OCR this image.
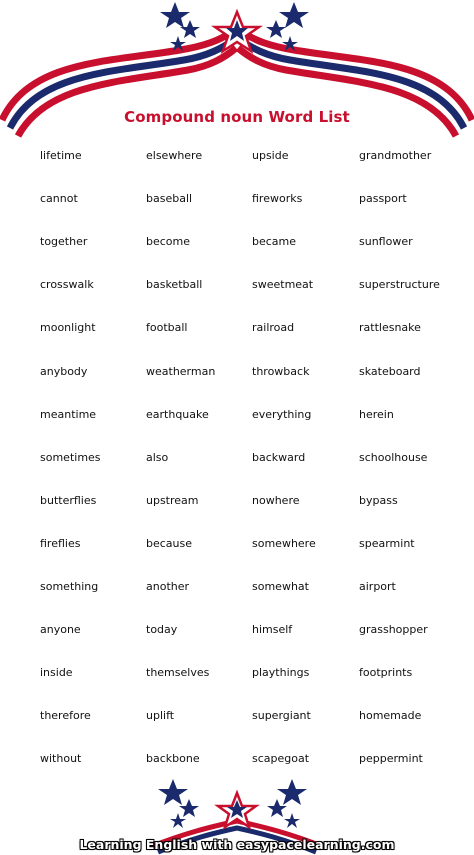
Compound noun Word List
lifetime
cannot
together
crosswalk
moonlight
anybody
meantime
sometimes
butterflies
fireflies
something
anyone
inside
therefore
without
elsewhere
baseball
become
basketball
football
weatherman
earthquake
also
upstream
because
another
today
themselves
uplift
backbone
upside
fireworks
became
sweetmeat
railroad
throwback
everything
backward
nowhere
somewhere
somewhat
himself
playthings
supergiant
scapegoat
grandmother
passport
sunflower
superstructure
rattlesnake
skateboard
herein
schoolhouse
bypass
spearmint
airport
grasshopper
footprints
homemade
peppermint
Learning English with easypacelearning.com
